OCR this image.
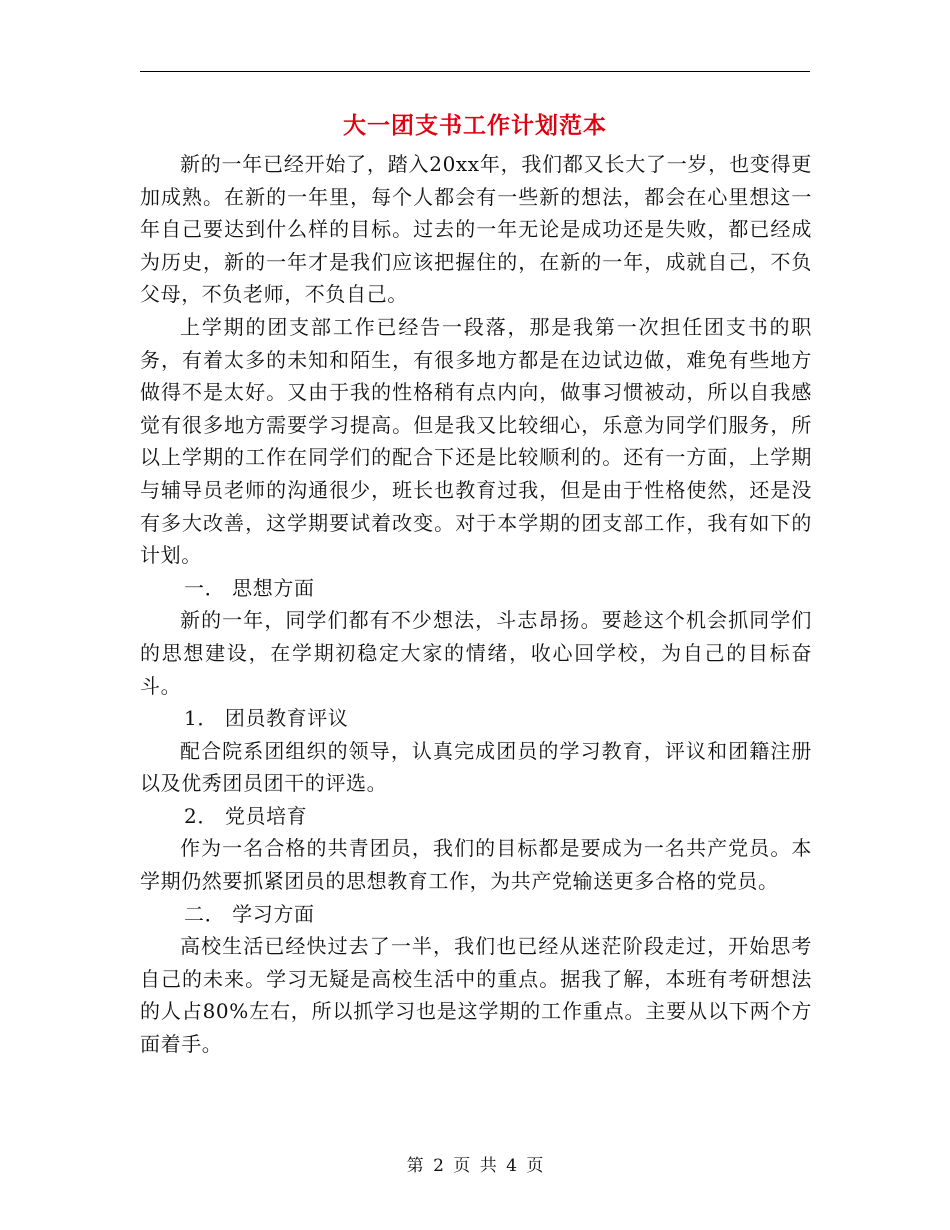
大一团支书工作计划范本

新的一年已经开始了，踏入20xx年，我们都又长大了一岁，也变得更加成熟。在新的一年里，每个人都会有一些新的想法，都会在心里想这一年自己要达到什么样的目标。过去的一年无论是成功还是失败，都已经成为历史，新的一年才是我们应该把握住的，在新的一年，成就自己，不负父母，不负老师，不负自己。

上学期的团支部工作已经告一段落，那是我第一次担任团支书的职务，有着太多的未知和陌生，有很多地方都是在边试边做，难免有些地方做得不是太好。又由于我的性格稍有点内向，做事习惯被动，所以自我感觉有很多地方需要学习提高。但是我又比较细心，乐意为同学们服务，所以上学期的工作在同学们的配合下还是比较顺利的。还有一方面，上学期与辅导员老师的沟通很少，班长也教育过我，但是由于性格使然，还是没有多大改善，这学期要试着改变。对于本学期的团支部工作，我有如下的计划。

一． 思想方面

新的一年，同学们都有不少想法，斗志昂扬。要趁这个机会抓同学们的思想建设，在学期初稳定大家的情绪，收心回学校，为自己的目标奋斗。

1． 团员教育评议

配合院系团组织的领导，认真完成团员的学习教育，评议和团籍注册以及优秀团员团干的评选。

2． 党员培育

作为一名合格的共青团员，我们的目标都是要成为一名共产党员。本学期仍然要抓紧团员的思想教育工作，为共产党输送更多合格的党员。

二． 学习方面

高校生活已经快过去了一半，我们也已经从迷茫阶段走过，开始思考自己的未来。学习无疑是高校生活中的重点。据我了解，本班有考研想法的人占80%左右，所以抓学习也是这学期的工作重点。主要从以下两个方面着手。

第 2 页 共 4 页
